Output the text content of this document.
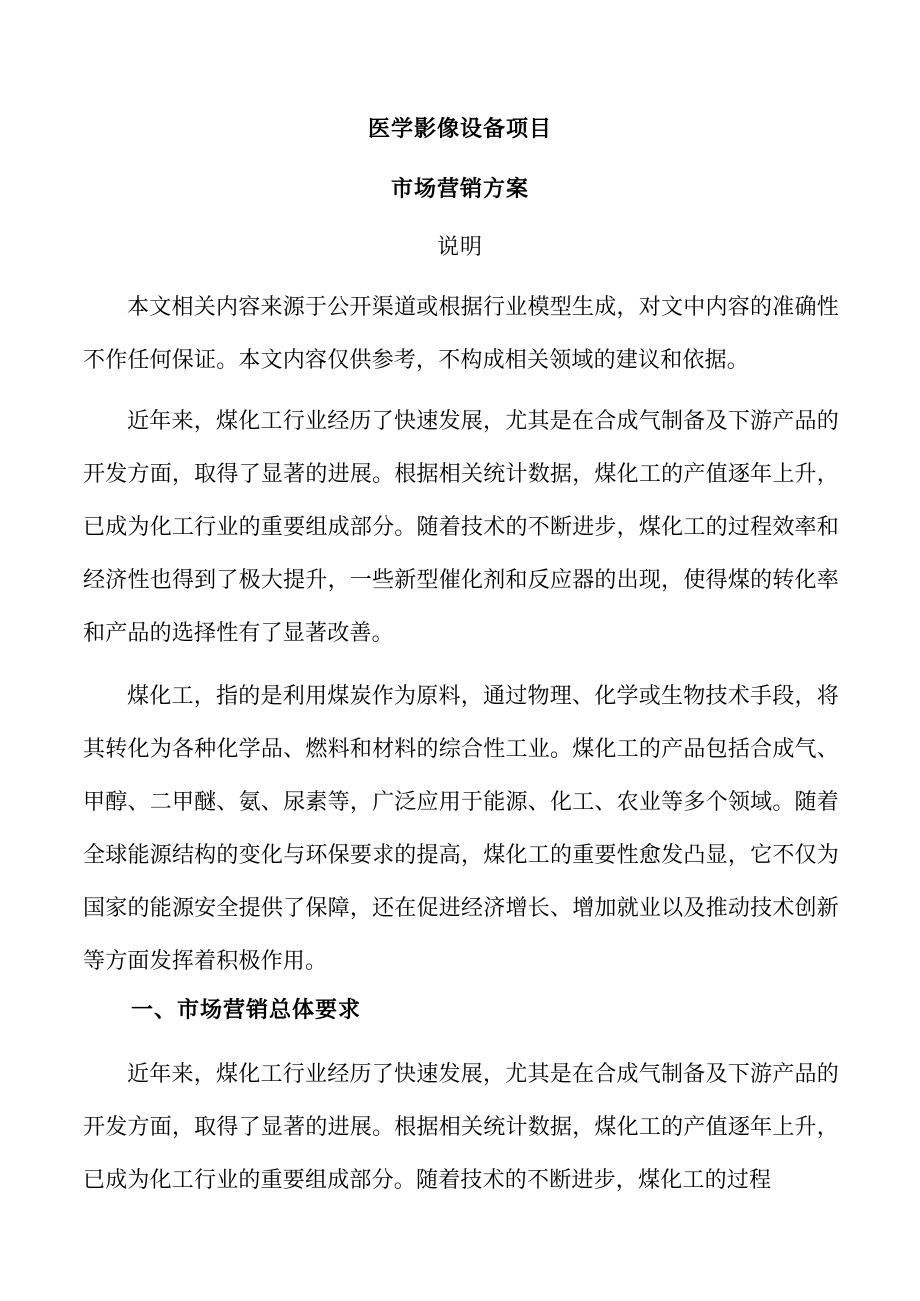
医学影像设备项目
市场营销方案
说明

本文相关内容来源于公开渠道或根据行业模型生成，对文中内容的准确性不作任何保证。本文内容仅供参考，不构成相关领域的建议和依据。

近年来，煤化工行业经历了快速发展，尤其是在合成气制备及下游产品的开发方面，取得了显著的进展。根据相关统计数据，煤化工的产值逐年上升，已成为化工行业的重要组成部分。随着技术的不断进步，煤化工的过程效率和经济性也得到了极大提升，一些新型催化剂和反应器的出现，使得煤的转化率和产品的选择性有了显著改善。

煤化工，指的是利用煤炭作为原料，通过物理、化学或生物技术手段，将其转化为各种化学品、燃料和材料的综合性工业。煤化工的产品包括合成气、甲醇、二甲醚、氨、尿素等，广泛应用于能源、化工、农业等多个领域。随着全球能源结构的变化与环保要求的提高，煤化工的重要性愈发凸显，它不仅为国家的能源安全提供了保障，还在促进经济增长、增加就业以及推动技术创新等方面发挥着积极作用。

一、市场营销总体要求

近年来，煤化工行业经历了快速发展，尤其是在合成气制备及下游产品的开发方面，取得了显著的进展。根据相关统计数据，煤化工的产值逐年上升，已成为化工行业的重要组成部分。随着技术的不断进步，煤化工的过程
